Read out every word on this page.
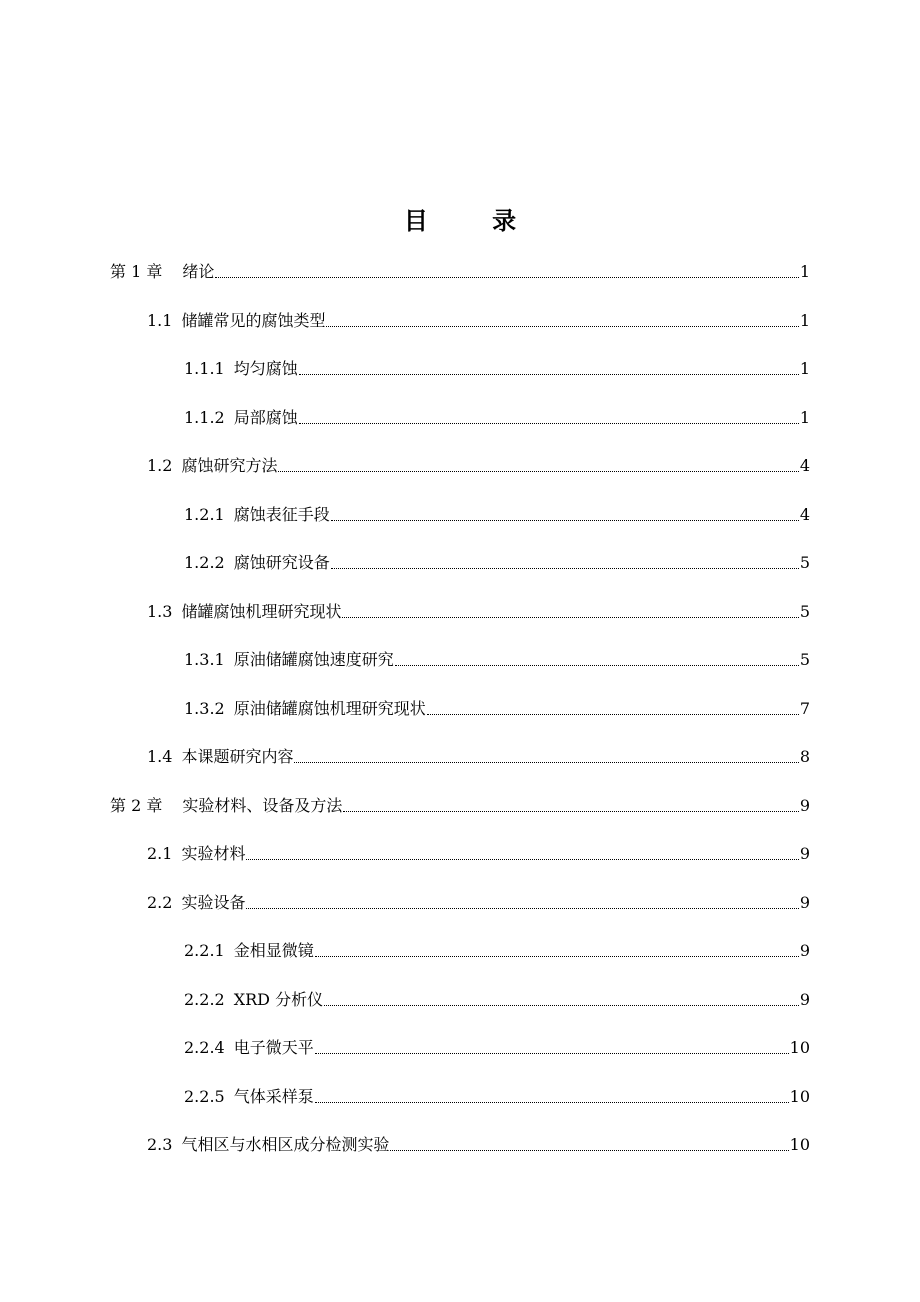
目 录
第 1 章 绪论	1
1.1 储罐常见的腐蚀类型	1
1.1.1 均匀腐蚀	1
1.1.2 局部腐蚀	1
1.2 腐蚀研究方法	4
1.2.1 腐蚀表征手段	4
1.2.2 腐蚀研究设备	5
1.3 储罐腐蚀机理研究现状	5
1.3.1 原油储罐腐蚀速度研究	5
1.3.2 原油储罐腐蚀机理研究现状	7
1.4 本课题研究内容	8
第 2 章 实验材料、设备及方法	9
2.1 实验材料	9
2.2 实验设备	9
2.2.1 金相显微镜	9
2.2.2 XRD 分析仪	9
2.2.4 电子微天平	10
2.2.5 气体采样泵	10
2.3 气相区与水相区成分检测实验	10
